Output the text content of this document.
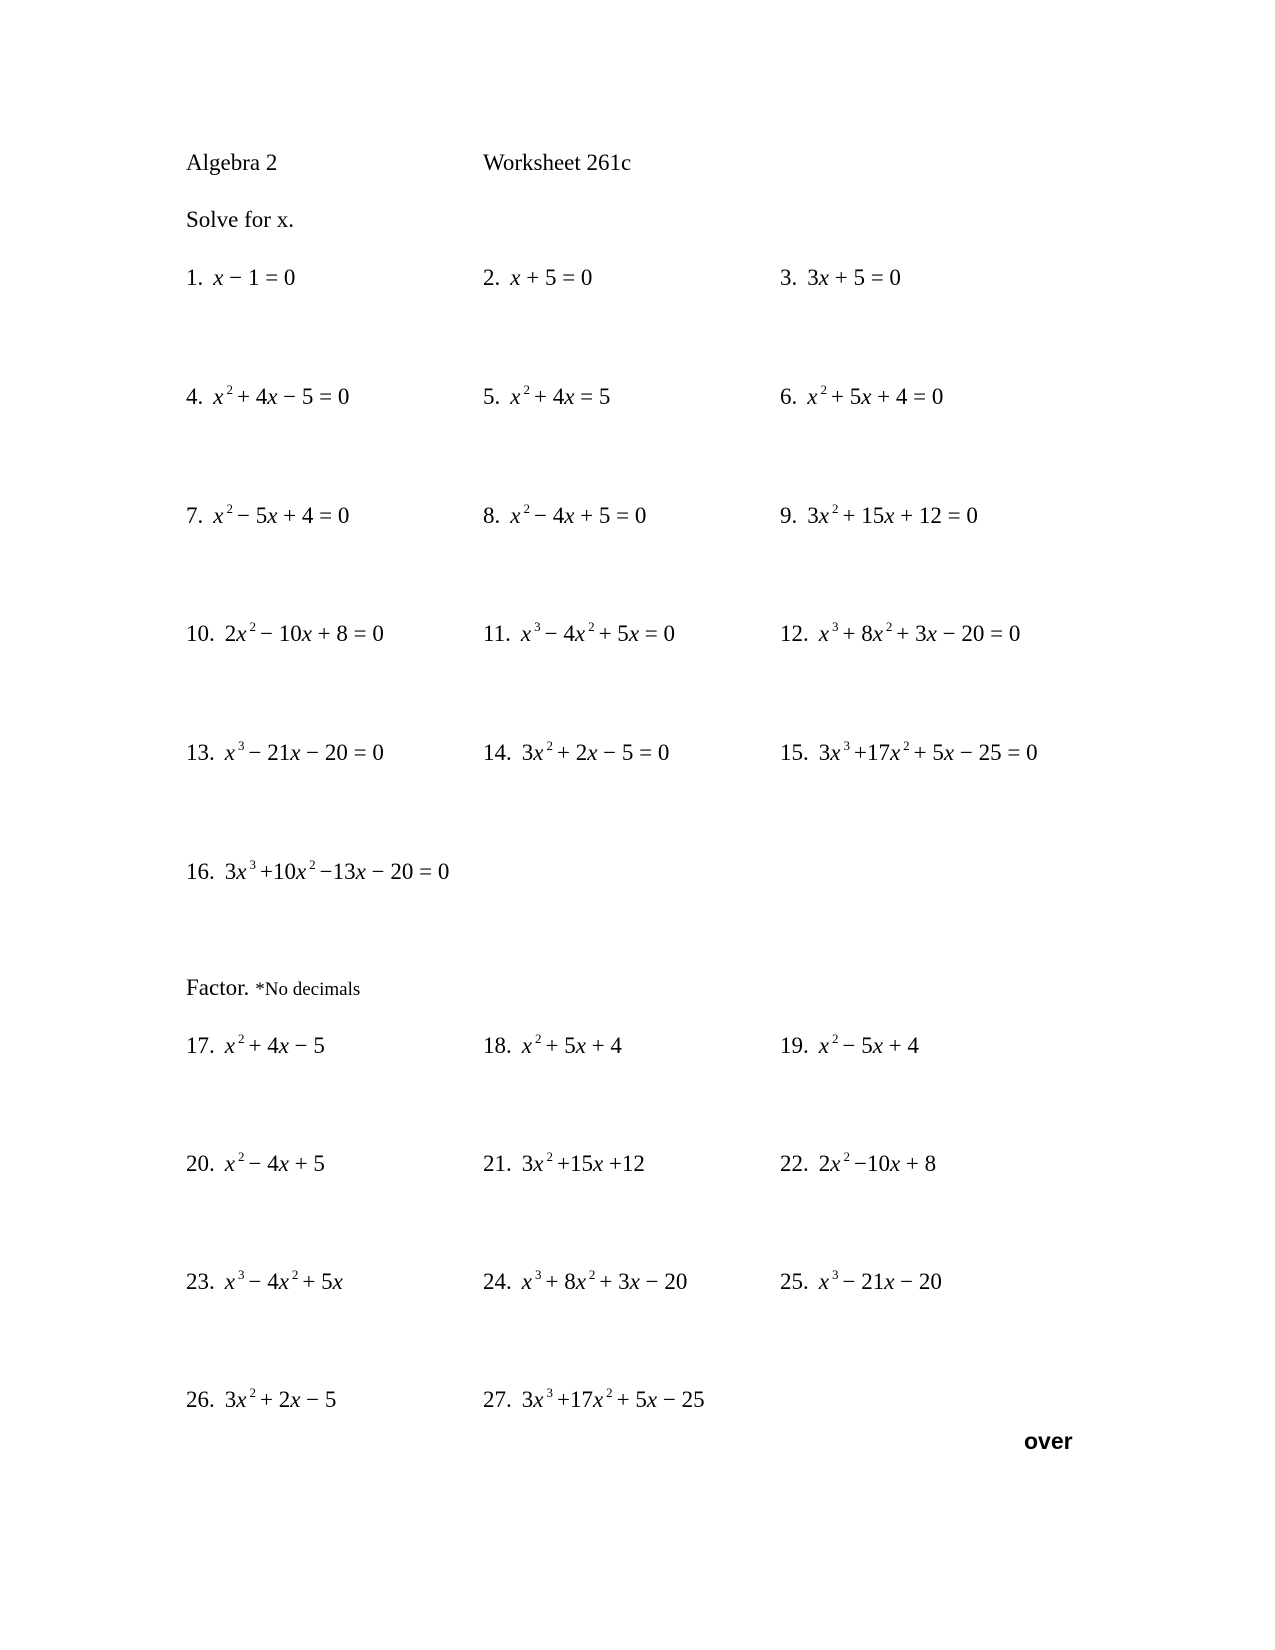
Algebra 2	Worksheet 261c
Solve for x.
1. x − 1 = 0	2. x + 5 = 0	3. 3x + 5 = 0
4. x $^2$ + 4x − 5 = 0	5. x $^2$ + 4x = 5	6. x $^2$ + 5x + 4 = 0
7. x $^2$ − 5x + 4 = 0	8. x $^2$ − 4x + 5 = 0	9. 3x $^2$ + 15x + 12 = 0
10. 2x $^2$ − 10x + 8 = 0	11. x $^3$ − 4x $^2$ + 5x = 0	12. x $^3$ + 8x $^2$ + 3x − 20 = 0
13. x $^3$ − 21x − 20 = 0	14. 3x $^2$ + 2x − 5 = 0	15. 3x $^3$ +17x $^2$ + 5x − 25 = 0
16. 3x $^3$ +10x $^2$ −13x − 20 = 0
Factor. *No decimals
17. x $^2$ + 4x − 5	18. x $^2$ + 5x + 4	19. x $^2$ − 5x + 4
20. x $^2$ − 4x + 5	21. 3x $^2$ +15x +12	22. 2x $^2$ −10x + 8
23. x $^3$ − 4x $^2$ + 5x	24. x $^3$ + 8x $^2$ + 3x − 20	25. x $^3$ − 21x − 20
26. 3x $^2$ + 2x − 5	27. 3x $^3$ +17x $^2$ + 5x − 25
over
